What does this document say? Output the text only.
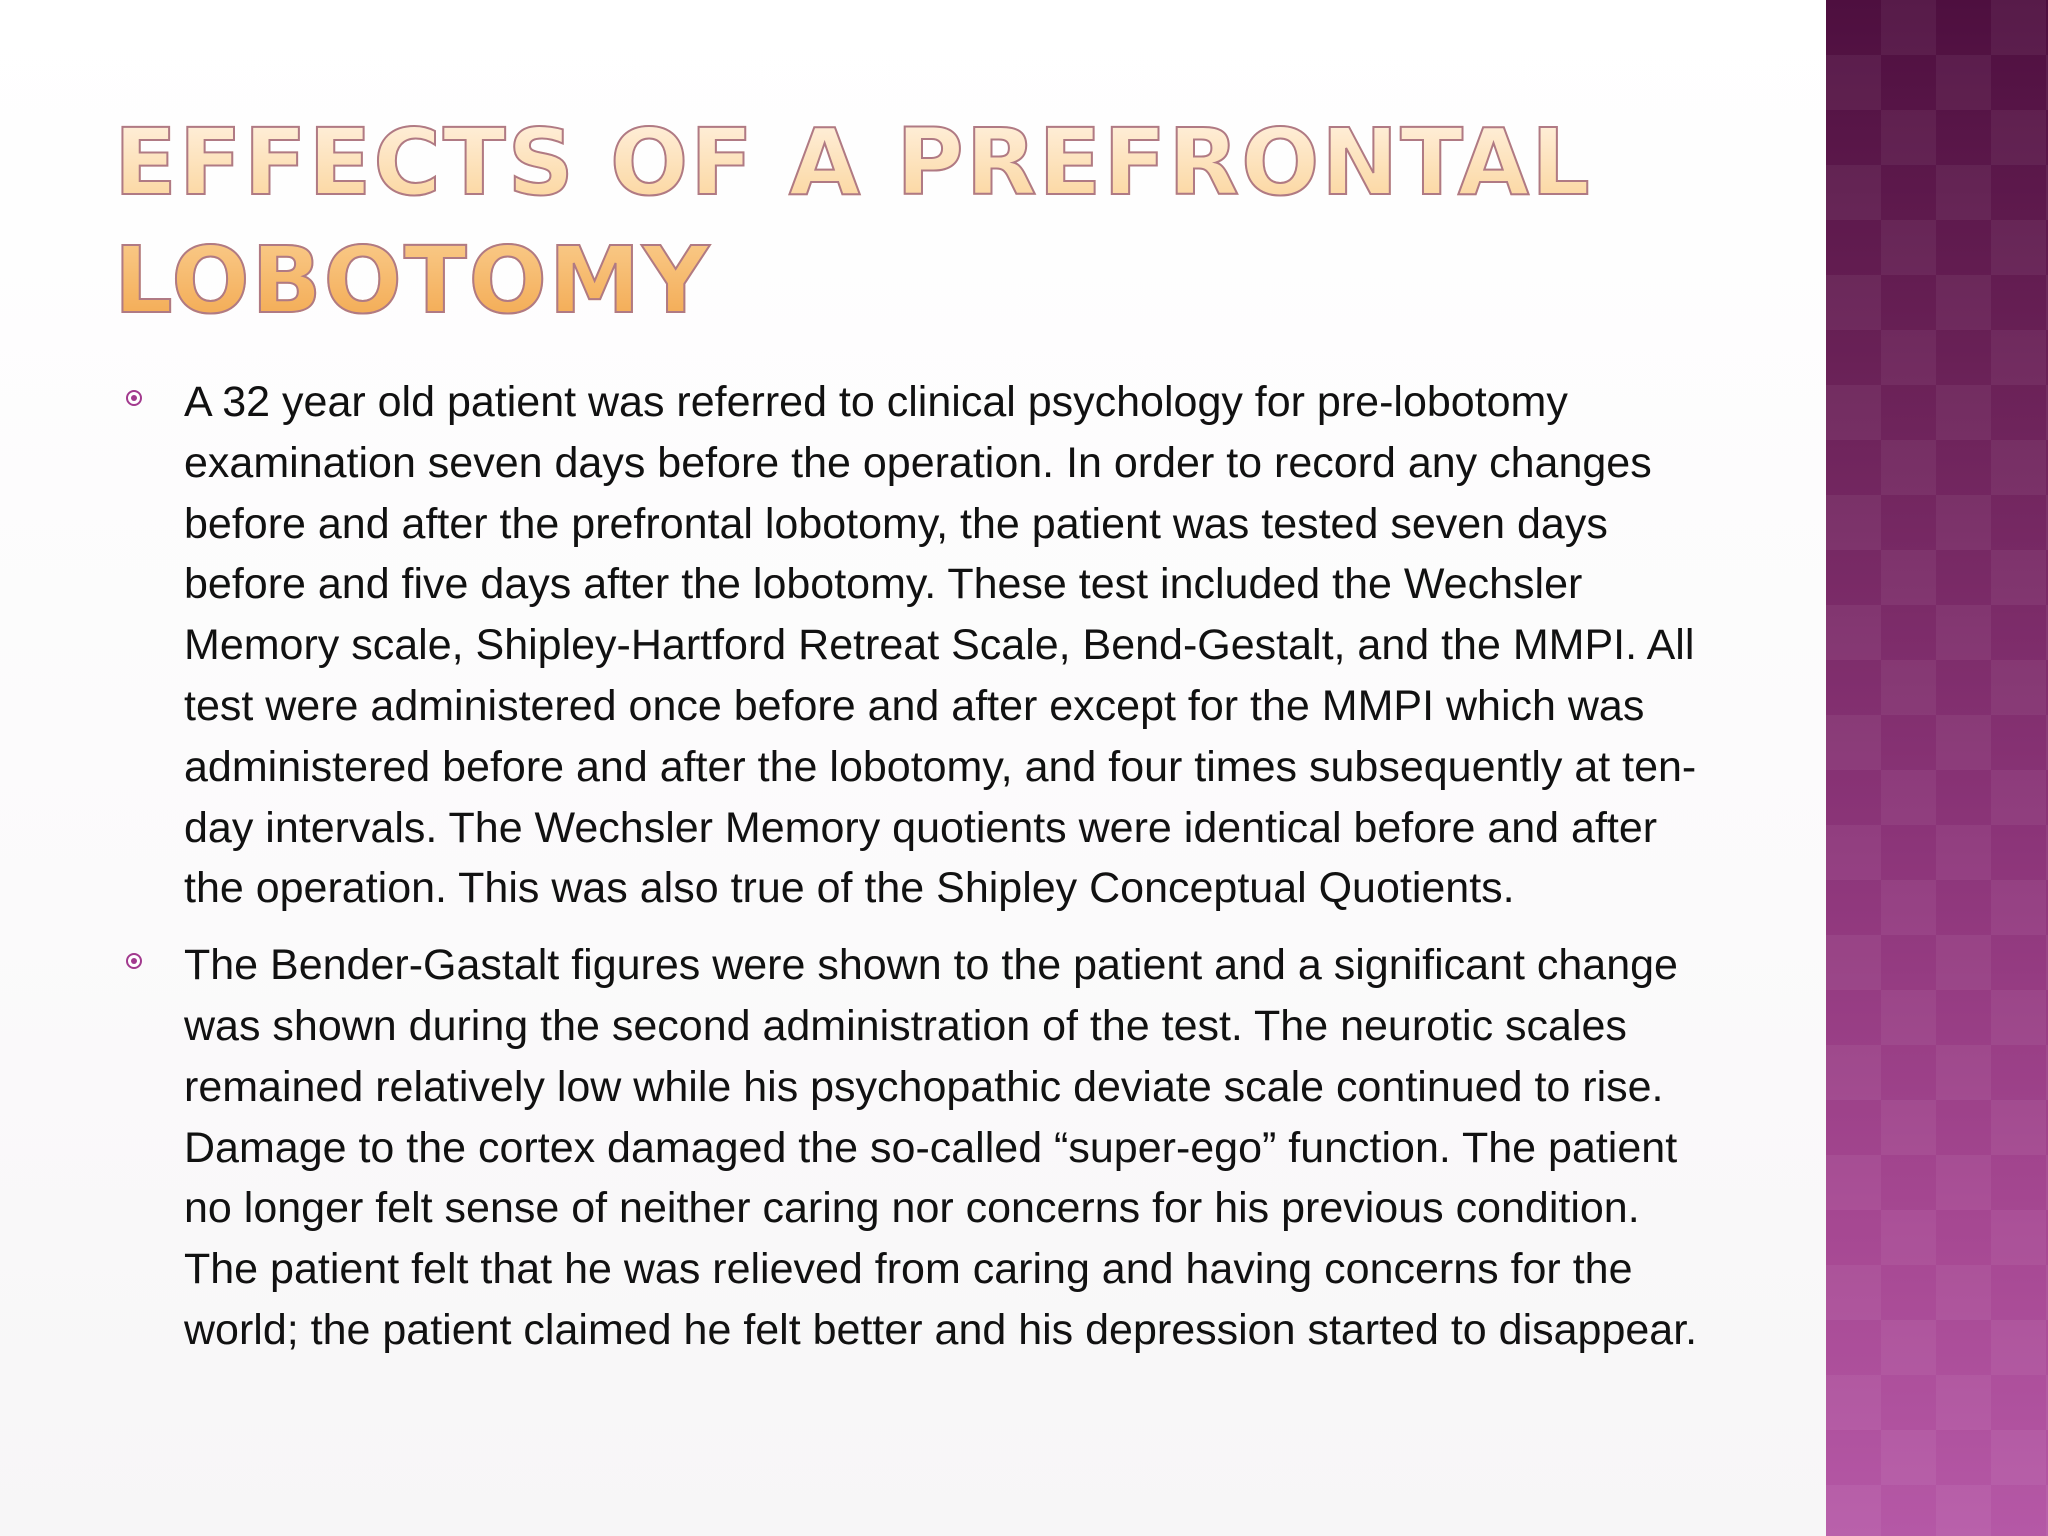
EFFECTS OF A PREFRONTAL LOBOTOMY

A 32 year old patient was referred to clinical psychology for pre-lobotomy examination seven days before the operation. In order to record any changes before and after the prefrontal lobotomy, the patient was tested seven days before and five days after the lobotomy. These test included the Wechsler Memory scale, Shipley-Hartford Retreat Scale, Bend-Gestalt, and the MMPI. All test were administered once before and after except for the MMPI which was administered before and after the lobotomy, and four times subsequently at ten-day intervals. The Wechsler Memory quotients were identical before and after the operation. This was also true of the Shipley Conceptual Quotients.

The Bender-Gastalt figures were shown to the patient and a significant change was shown during the second administration of the test. The neurotic scales remained relatively low while his psychopathic deviate scale continued to rise. Damage to the cortex damaged the so-called “super-ego” function. The patient no longer felt sense of neither caring nor concerns for his previous condition. The patient felt that he was relieved from caring and having concerns for the world; the patient claimed he felt better and his depression started to disappear.
